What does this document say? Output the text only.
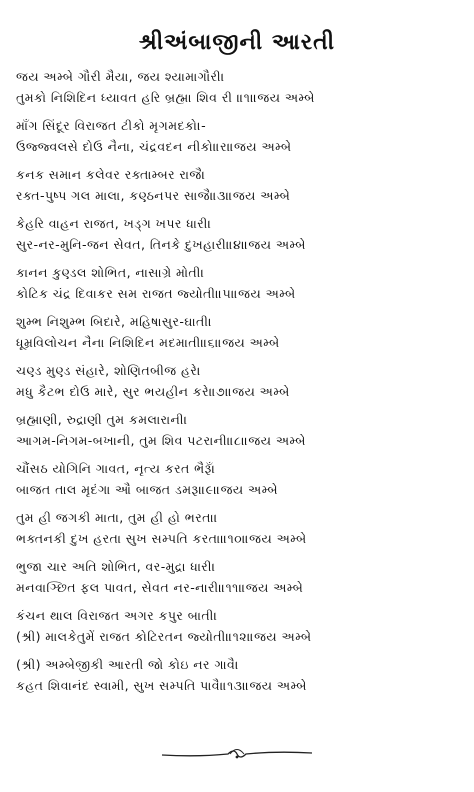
શ્રીઅંબાજીની આરતી
જય અમ્બે ગૌરી મૈયા, જય શ્યામાગૌરી।
તુમકો નિશિદિન ધ્યાવત હરિ બ્રહ્મા શિવ રી ॥૧॥જય અમ્બે
માઁગ સિંદૂર વિરાજત ટીકો મૃગમદકો।-
ઉજ્જ્વલસે દોઉ નૈના, ચંદ્રવદન નીકો॥ર॥જય અમ્બે
કનક સમાન કલેવર રક્તામ્બર રાજૈ।
રક્ત-પુષ્પ ગલ માલા, કણ્ઠનપર સાજૈ॥૩॥જય અમ્બે
કેહરિ વાહન રાજત, ખડ્ગ ખપર ધારી।
સુર-નર-મુનિ-જન સેવત, તિનકે દુખહારી॥૪॥જય અમ્બે
કાનન કુણ્ડલ શોભિત, નાસાગ્રે મોતી।
કોટિક ચંદ્ર દિવાકર સમ રાજત જ્યોતી॥૫॥જય અમ્બે
શુમ્ભ નિશુમ્ભ બિદારે, મહિષાસુર-ઘાતી।
ધૂમ્રવિલોચન નૈના નિશિદિન મદમાતી॥૬॥જય અમ્બે
ચણ્ડ મુણ્ડ સંહારે, શોણિતબીજ હરે।
મધુ કૈટભ દોઉ મારે, સુર ભયહીન કરે॥૭॥જય અમ્બે
બ્રહ્માણી, રુદ્રાણી તુમ કમલારાની।
આગમ-નિગમ-બખાની, તુમ શિવ પટરાની॥૮॥જય અમ્બે
ચૌંસઠ યોગિનિ ગાવત, નૃત્ય કરત ભૈરૂઁ।
બાજત તાલ મૃદંગા ઔ બાજત ડમરૂ॥૯॥જય અમ્બે
તુમ હી જગકી માતા, તુમ હી હો ભરતા।
ભક્તનકી દુખ હરતા સુખ સમ્પતિ કરતા॥૧૦॥જય અમ્બે
ભુજા ચાર અતિ શોભિત, વર-મુદ્રા ધારી।
મનવાઞ્છિત ફલ પાવત, સેવત નર-નારી॥૧૧॥જય અમ્બે
કંચન થાલ વિરાજત અગર કપુર બાતી।
(શ્રી) માલકેતુમેં રાજત કોટિરતન જ્યોતી॥૧૨॥જય અમ્બે
(શ્રી) અમ્બેજીકી આરતી જો કોઇ નર ગાવૈ।
કહત શિવાનંદ સ્વામી, સુખ સમ્પતિ પાવૈ॥૧૩॥જય અમ્બે
